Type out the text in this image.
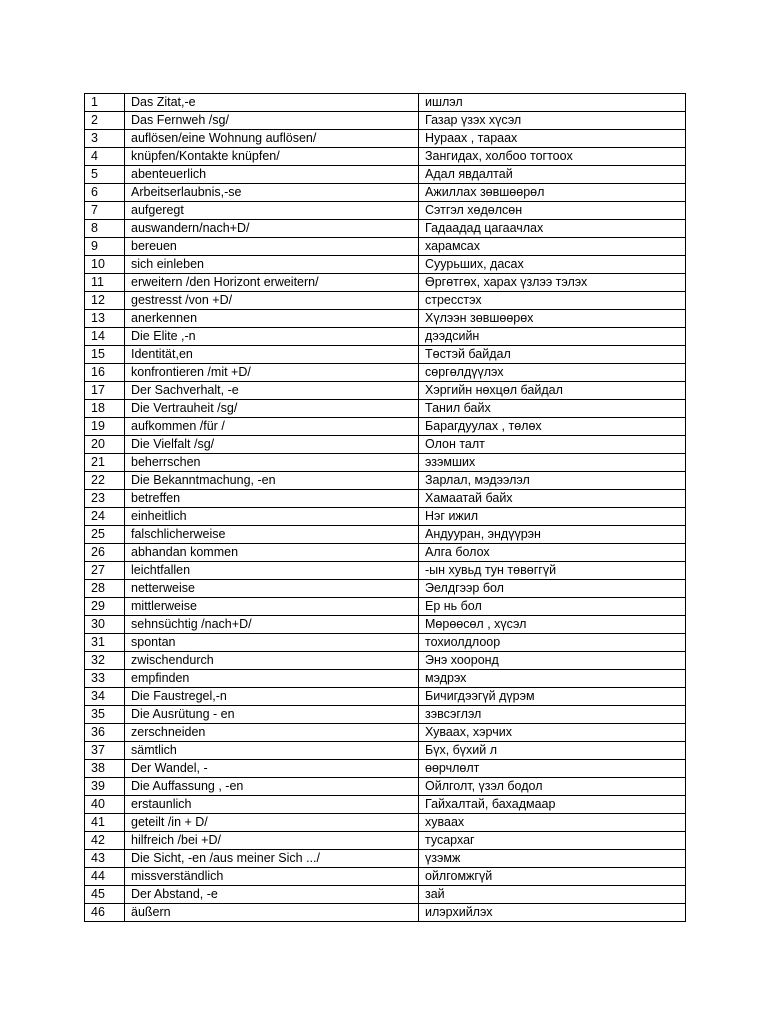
1	Das Zitat,-e	ишлэл
2	Das Fernweh /sg/	Газар үзэх хүсэл
3	auflösen/eine Wohnung auflösen/	Нураах , тараах
4	knüpfen/Kontakte knüpfen/	Зангидах, холбоо тогтоох
5	abenteuerlich	Адал явдалтай
6	Arbeitserlaubnis,-se	Ажиллах зөвшөөрөл
7	aufgeregt	Сэтгэл хөдөлсөн
8	auswandern/nach+D/	Гадаадад цагаачлах
9	bereuen	харамсах
10	sich einleben	Суурьших, дасах
11	erweitern /den Horizont erweitern/	Өргөтгөх, харах үзлээ тэлэх
12	gestresst /von +D/	стресстэх
13	anerkennen	Хүлээн зөвшөөрөх
14	Die Elite ,-n	дээдсийн
15	Identität,en	Төстэй байдал
16	konfrontieren /mit +D/	сөргөлдүүлэх
17	Der Sachverhalt, -e	Хэргийн нөхцөл байдал
18	Die Vertrauheit /sg/	Танил байх
19	aufkommen /für /	Барагдуулах , төлөх
20	Die Vielfalt /sg/	Олон талт
21	beherrschen	эзэмших
22	Die Bekanntmachung, -en	Зарлал, мэдээлэл
23	betreffen	Хамаатай байх
24	einheitlich	Нэг ижил
25	falschlicherweise	Андууран, эндүүрэн
26	abhandan kommen	Алга болох
27	leichtfallen	-ын хувьд тун төвөггүй
28	netterweise	Эелдгээр бол
29	mittlerweise	Ер нь бол
30	sehnsüchtig /nach+D/	Мөрөөсөл , хүсэл
31	spontan	тохиолдлоор
32	zwischendurch	Энэ хооронд
33	empfinden	мэдрэх
34	Die Faustregel,-n	Бичигдээгүй дүрэм
35	Die Ausrütung - en	зэвсэглэл
36	zerschneiden	Хуваах, хэрчих
37	sämtlich	Бүх, бүхий л
38	Der Wandel, -	өөрчлөлт
39	Die Auffassung , -en	Ойлголт, үзэл бодол
40	erstaunlich	Гайхалтай, бахадмаар
41	geteilt /in + D/	хуваах
42	hilfreich /bei +D/	тусархаг
43	Die Sicht, -en /aus meiner Sich .../	үзэмж
44	missverständlich	ойлгомжгүй
45	Der Abstand, -e	зай
46	äußern	илэрхийлэх
